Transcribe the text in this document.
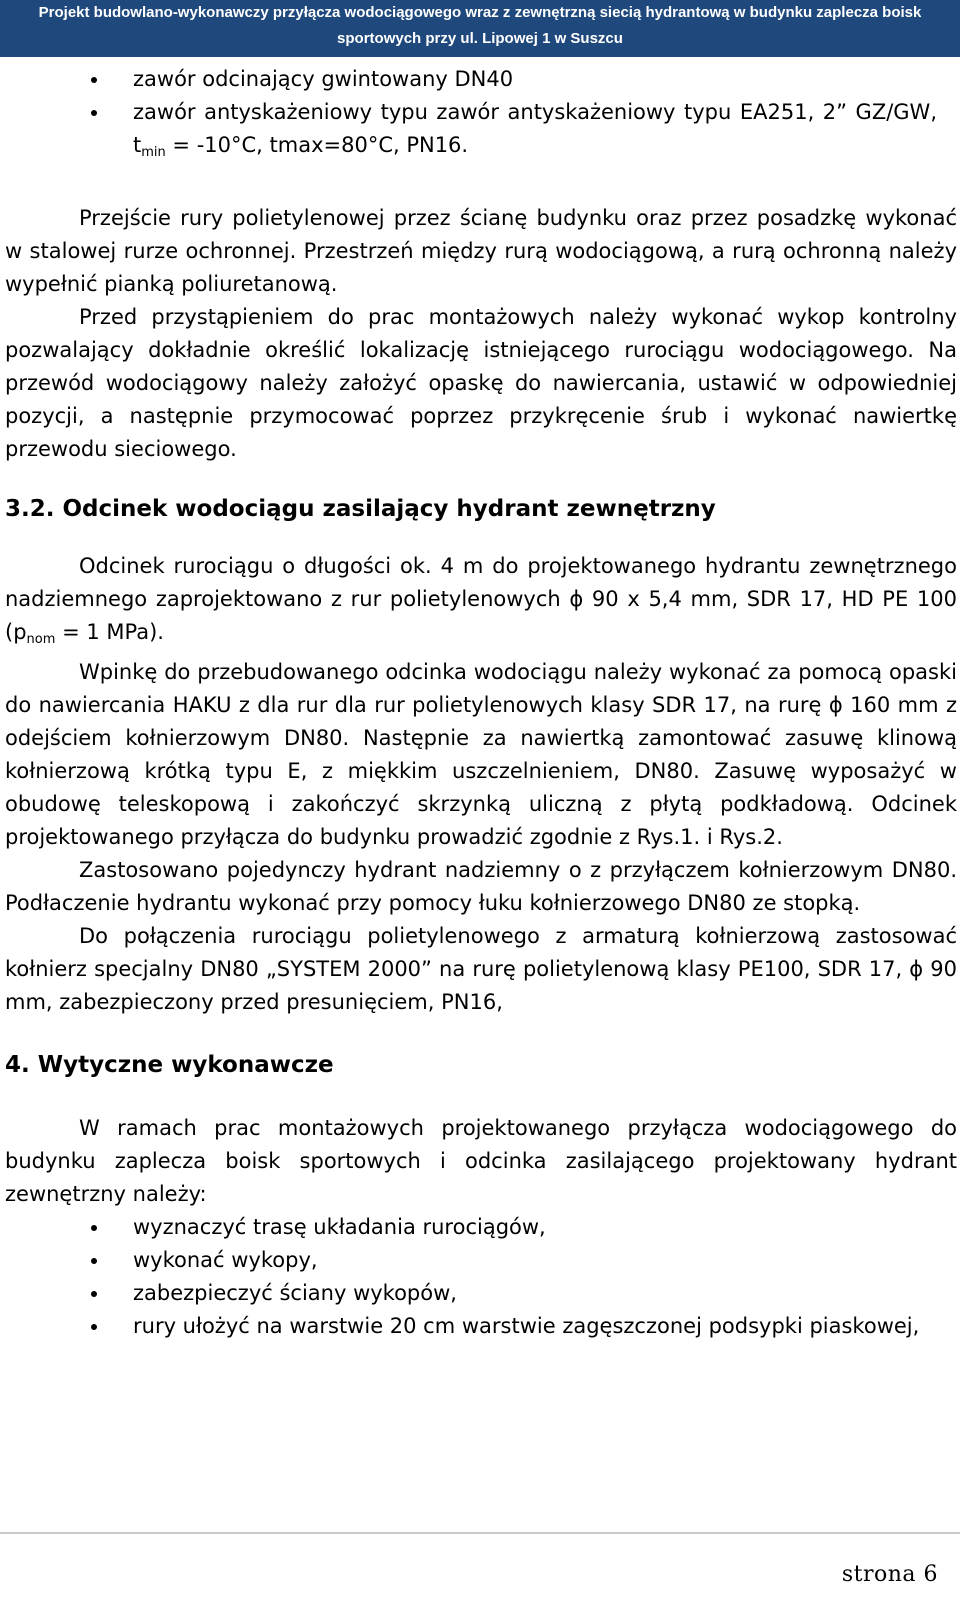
Projekt budowlano-wykonawczy przyłącza wodociągowego wraz z zewnętrzną siecią hydrantową w budynku zaplecza boisk
sportowych przy ul. Lipowej 1 w Suszcu
zawór odcinający gwintowany DN40
zawór antyskażeniowy typu zawór antyskażeniowy typu EA251, 2” GZ/GW, $t_{min} = -10^\circ C$, tmax=80°C, PN16.

Przejście rury polietylenowej przez ścianę budynku oraz przez posadzkę wykonać w stalowej rurze ochronnej. Przestrzeń między rurą wodociągową, a rurą ochronną należy wypełnić pianką poliuretanową.

Przed przystąpieniem do prac montażowych należy wykonać wykop kontrolny pozwalający dokładnie określić lokalizację istniejącego rurociągu wodociągowego. Na przewód wodociągowy należy założyć opaskę do nawiercania, ustawić w odpowiedniej pozycji, a następnie przymocować poprzez przykręcenie śrub i wykonać nawiertkę przewodu sieciowego.

3.2. Odcinek wodociągu zasilający hydrant zewnętrzny

Odcinek rurociągu o długości ok. 4 m do projektowanego hydrantu zewnętrznego nadziemnego zaprojektowano z rur polietylenowych ϕ 90 x 5,4 mm, SDR 17, HD PE 100 ($p_{nom} = 1$ MPa).

Wpinkę do przebudowanego odcinka wodociągu należy wykonać za pomocą opaski do nawiercania HAKU z dla rur dla rur polietylenowych klasy SDR 17, na rurę ϕ 160 mm z odejściem kołnierzowym DN80. Następnie za nawiertką zamontować zasuwę klinową kołnierzową krótką typu E, z miękkim uszczelnieniem, DN80. Zasuwę wyposażyć w obudowę teleskopową i zakończyć skrzynką uliczną z płytą podkładową. Odcinek projektowanego przyłącza do budynku prowadzić zgodnie z Rys.1. i Rys.2.

Zastosowano pojedynczy hydrant nadziemny o z przyłączem kołnierzowym DN80. Podłaczenie hydrantu wykonać przy pomocy łuku kołnierzowego DN80 ze stopką.

Do połączenia rurociągu polietylenowego z armaturą kołnierzową zastosować kołnierz specjalny DN80 „SYSTEM 2000” na rurę polietylenową klasy PE100, SDR 17, ϕ 90 mm, zabezpieczony przed presunięciem, PN16,

4. Wytyczne wykonawcze

W ramach prac montażowych projektowanego przyłącza wodociągowego do budynku zaplecza boisk sportowych i odcinka zasilającego projektowany hydrant zewnętrzny należy:

wyznaczyć trasę układania rurociągów,
wykonać wykopy,
zabezpieczyć ściany wykopów,
rury ułożyć na warstwie 20 cm warstwie zagęszczonej podsypki piaskowej,
strona 6
